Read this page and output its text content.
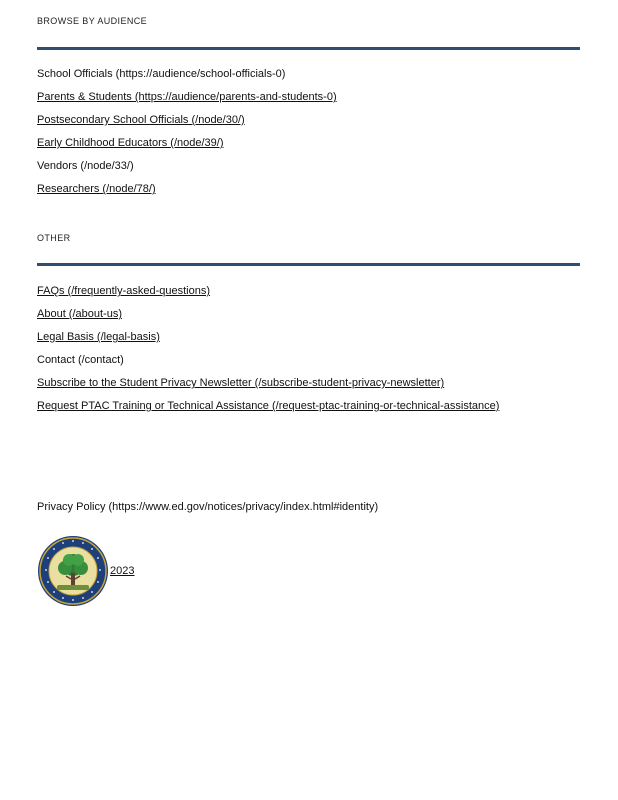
BROWSE BY AUDIENCE
School Officials (https://audience/school-officials-0)
Parents & Students (https://audience/parents-and-students-0)
Postsecondary School Officials (/node/30/)
Early Childhood Educators (/node/39/)
Vendors (/node/33/)
Researchers (/node/78/)
OTHER
FAQs (/frequently-asked-questions)
About (/about-us)
Legal Basis (/legal-basis)
Contact (/contact)
Subscribe to the Student Privacy Newsletter (/subscribe-student-privacy-newsletter)
Request PTAC Training or Technical Assistance (/request-ptac-training-or-technical-assistance)
Privacy Policy (https://www.ed.gov/notices/privacy/index.html#identity)
2023
